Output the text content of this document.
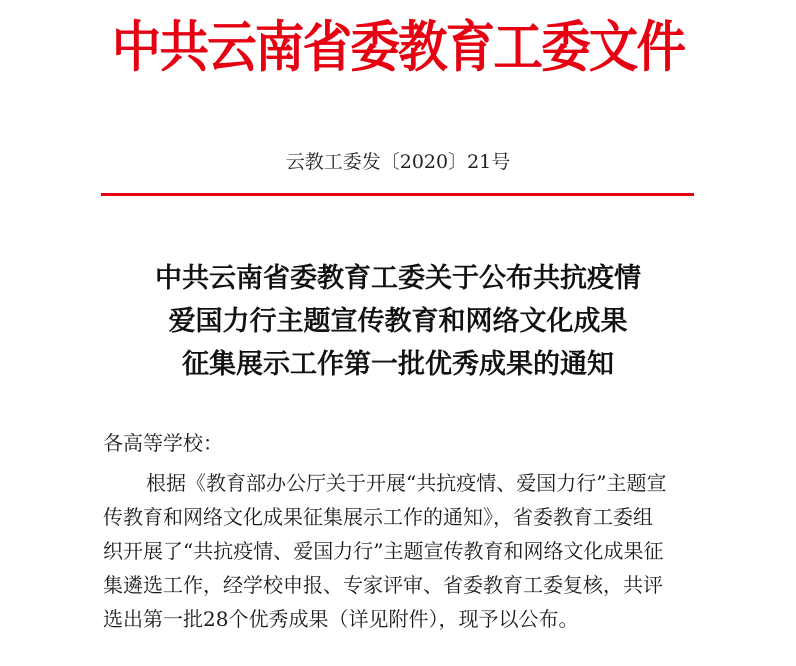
中共云南省委教育工委文件
云教工委发〔2020〕21号
中共云南省委教育工委关于公布共抗疫情
爱国力行主题宣传教育和网络文化成果
征集展示工作第一批优秀成果的通知
各高等学校：
根据《教育部办公厅关于开展“共抗疫情、爱国力行”主题宣
传教育和网络文化成果征集展示工作的通知》，省委教育工委组
织开展了“共抗疫情、爱国力行”主题宣传教育和网络文化成果征
集遴选工作，经学校申报、专家评审、省委教育工委复核，共评
选出第一批28个优秀成果（详见附件），现予以公布。
